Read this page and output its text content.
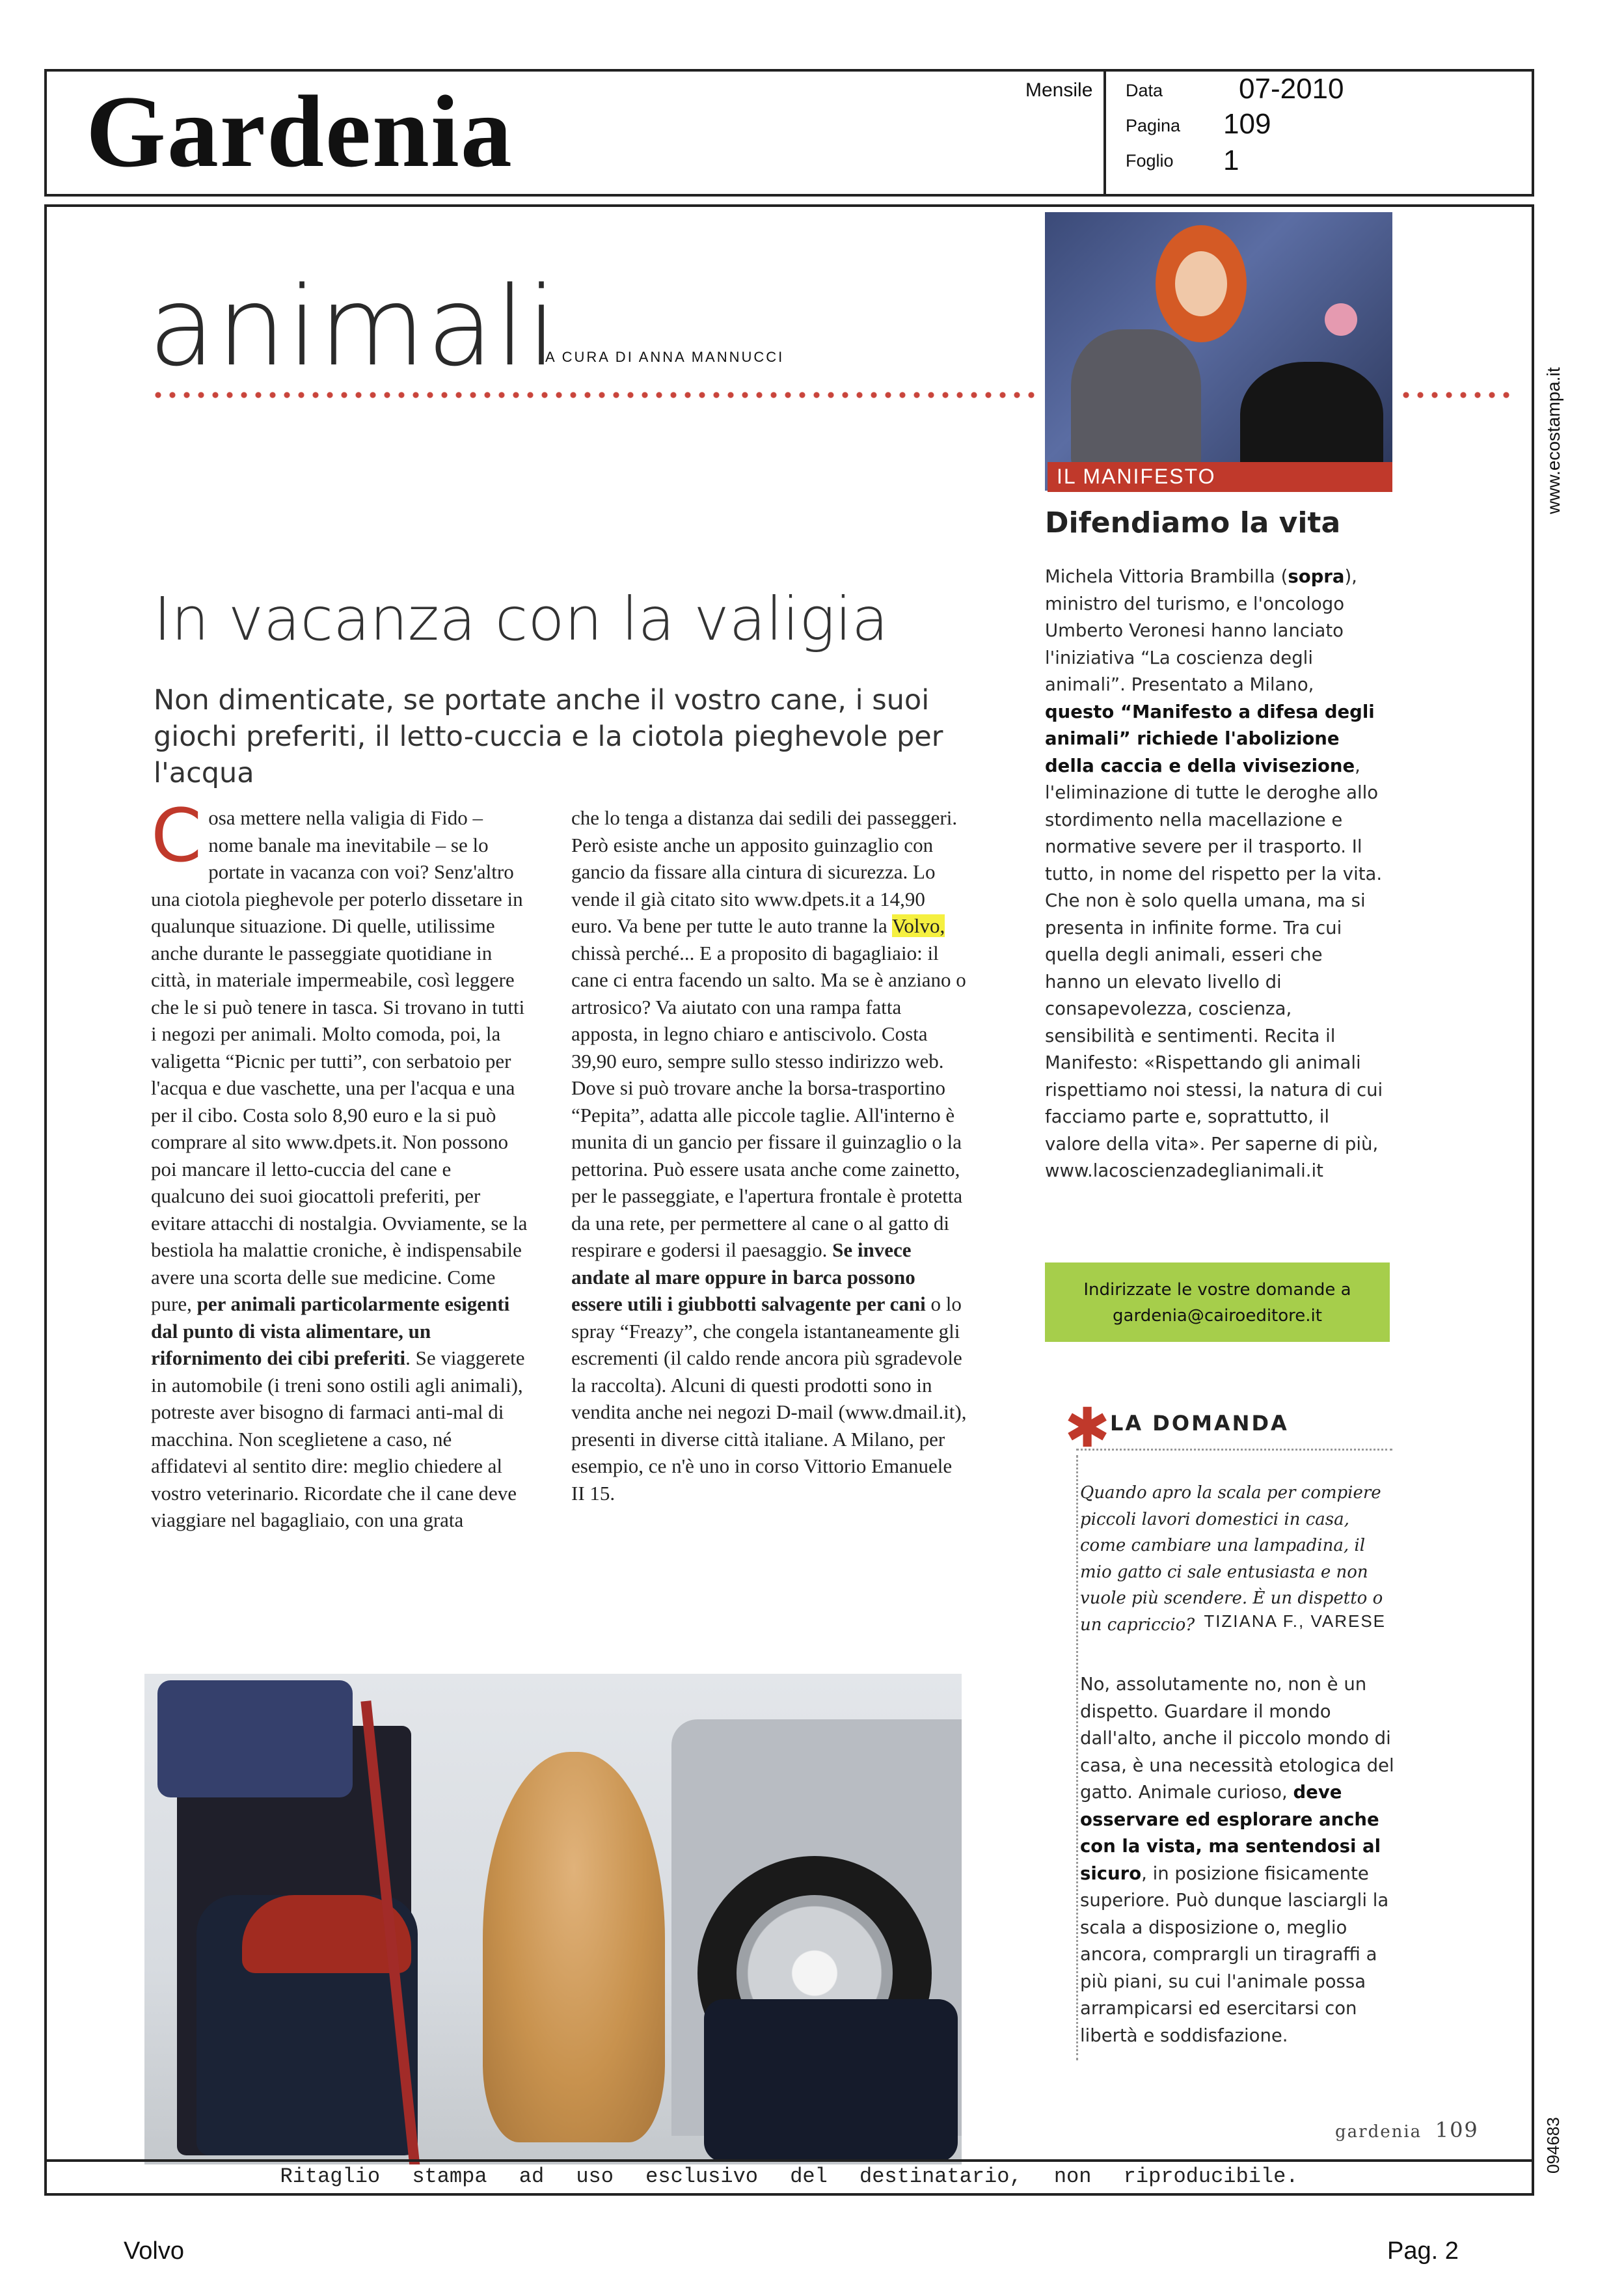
Gardenia	Mensile Data	07-2010
Pagina 109
Foglio 1
www.ecostampa.it
094683
animali
A CURA DI ANNA MANNUCCI
IL MANIFESTO
Difendiamo la vita
Michela Vittoria Brambilla (sopra), ministro del turismo, e l'oncologo Umberto Veronesi hanno lanciato l'iniziativa “La coscienza degli animali”. Presentato a Milano, questo “Manifesto a difesa degli animali” richiede l'abolizione della caccia e della vivisezione, l'eliminazione di tutte le deroghe allo stordimento nella macellazione e normative severe per il trasporto. Il tutto, in nome del rispetto per la vita. Che non è solo quella umana, ma si presenta in infinite forme. Tra cui quella degli animali, esseri che hanno un elevato livello di consapevolezza, coscienza, sensibilità e sentimenti. Recita il Manifesto: «Rispettando gli animali rispettiamo noi stessi, la natura di cui facciamo parte e, soprattutto, il valore della vita». Per saperne di più, www.lacoscienzadeglianimali.it
In vacanza con la valigia
Non dimenticate, se portate anche il vostro cane, i suoi giochi preferiti, il letto-cuccia e la ciotola pieghevole per l'acqua
Cosa mettere nella valigia di Fido – nome banale ma inevitabile – se lo portate in vacanza con voi? Senz'altro una ciotola pieghevole per poterlo dissetare in qualunque situazione. Di quelle, utilissime anche durante le passeggiate quotidiane in città, in materiale impermeabile, così leggere che le si può tenere in tasca. Si trovano in tutti i negozi per animali. Molto comoda, poi, la valigetta “Picnic per tutti”, con serbatoio per l'acqua e due vaschette, una per l'acqua e una per il cibo. Costa solo 8,90 euro e la si può comprare al sito www.dpets.it. Non possono poi mancare il letto-cuccia del cane e qualcuno dei suoi giocattoli preferiti, per evitare attacchi di nostalgia. Ovviamente, se la bestiola ha malattie croniche, è indispensabile avere una scorta delle sue medicine. Come pure, per animali particolarmente esigenti dal punto di vista alimentare, un rifornimento dei cibi preferiti. Se viaggerete in automobile (i treni sono ostili agli animali), potreste aver bisogno di farmaci anti-mal di macchina. Non sceglietene a caso, né affidatevi al sentito dire: meglio chiedere al vostro veterinario. Ricordate che il cane deve viaggiare nel bagagliaio, con una grata
che lo tenga a distanza dai sedili dei passeggeri. Però esiste anche un apposito guinzaglio con gancio da fissare alla cintura di sicurezza. Lo vende il già citato sito www.dpets.it a 14,90 euro. Va bene per tutte le auto tranne la Volvo, chissà perché... E a proposito di bagagliaio: il cane ci entra facendo un salto. Ma se è anziano o artrosico? Va aiutato con una rampa fatta apposta, in legno chiaro e antiscivolo. Costa 39,90 euro, sempre sullo stesso indirizzo web. Dove si può trovare anche la borsa-trasportino “Pepita”, adatta alle piccole taglie. All'interno è munita di un gancio per fissare il guinzaglio o la pettorina. Può essere usata anche come zainetto, per le passeggiate, e l'apertura frontale è protetta da una rete, per permettere al cane o al gatto di respirare e godersi il paesaggio. Se invece andate al mare oppure in barca possono essere utili i giubbotti salvagente per cani o lo spray “Freazy”, che congela istantaneamente gli escrementi (il caldo rende ancora più sgradevole la raccolta). Alcuni di questi prodotti sono in vendita anche nei negozi D-mail (www.dmail.it), presenti in diverse città italiane. A Milano, per esempio, ce n'è uno in corso Vittorio Emanuele II 15.
Indirizzate le vostre domande a
gardenia@cairoeditore.it
✱ LA DOMANDA
Quando apro la scala per compiere piccoli lavori domestici in casa, come cambiare una lampadina, il mio gatto ci sale entusiasta e non vuole più scendere. È un dispetto o un capriccio? TIZIANA F., VARESE
No, assolutamente no, non è un dispetto. Guardare il mondo dall'alto, anche il piccolo mondo di casa, è una necessità etologica del gatto. Animale curioso, deve osservare ed esplorare anche con la vista, ma sentendosi al sicuro, in posizione fisicamente superiore. Può dunque lasciargli la scala a disposizione o, meglio ancora, comprargli un tiragraffi a più piani, su cui l'animale possa arrampicarsi ed esercitarsi con libertà e soddisfazione.
gardenia 109
Ritaglio stampa ad uso esclusivo del destinatario, non riproducibile.
Volvo	Pag. 2
